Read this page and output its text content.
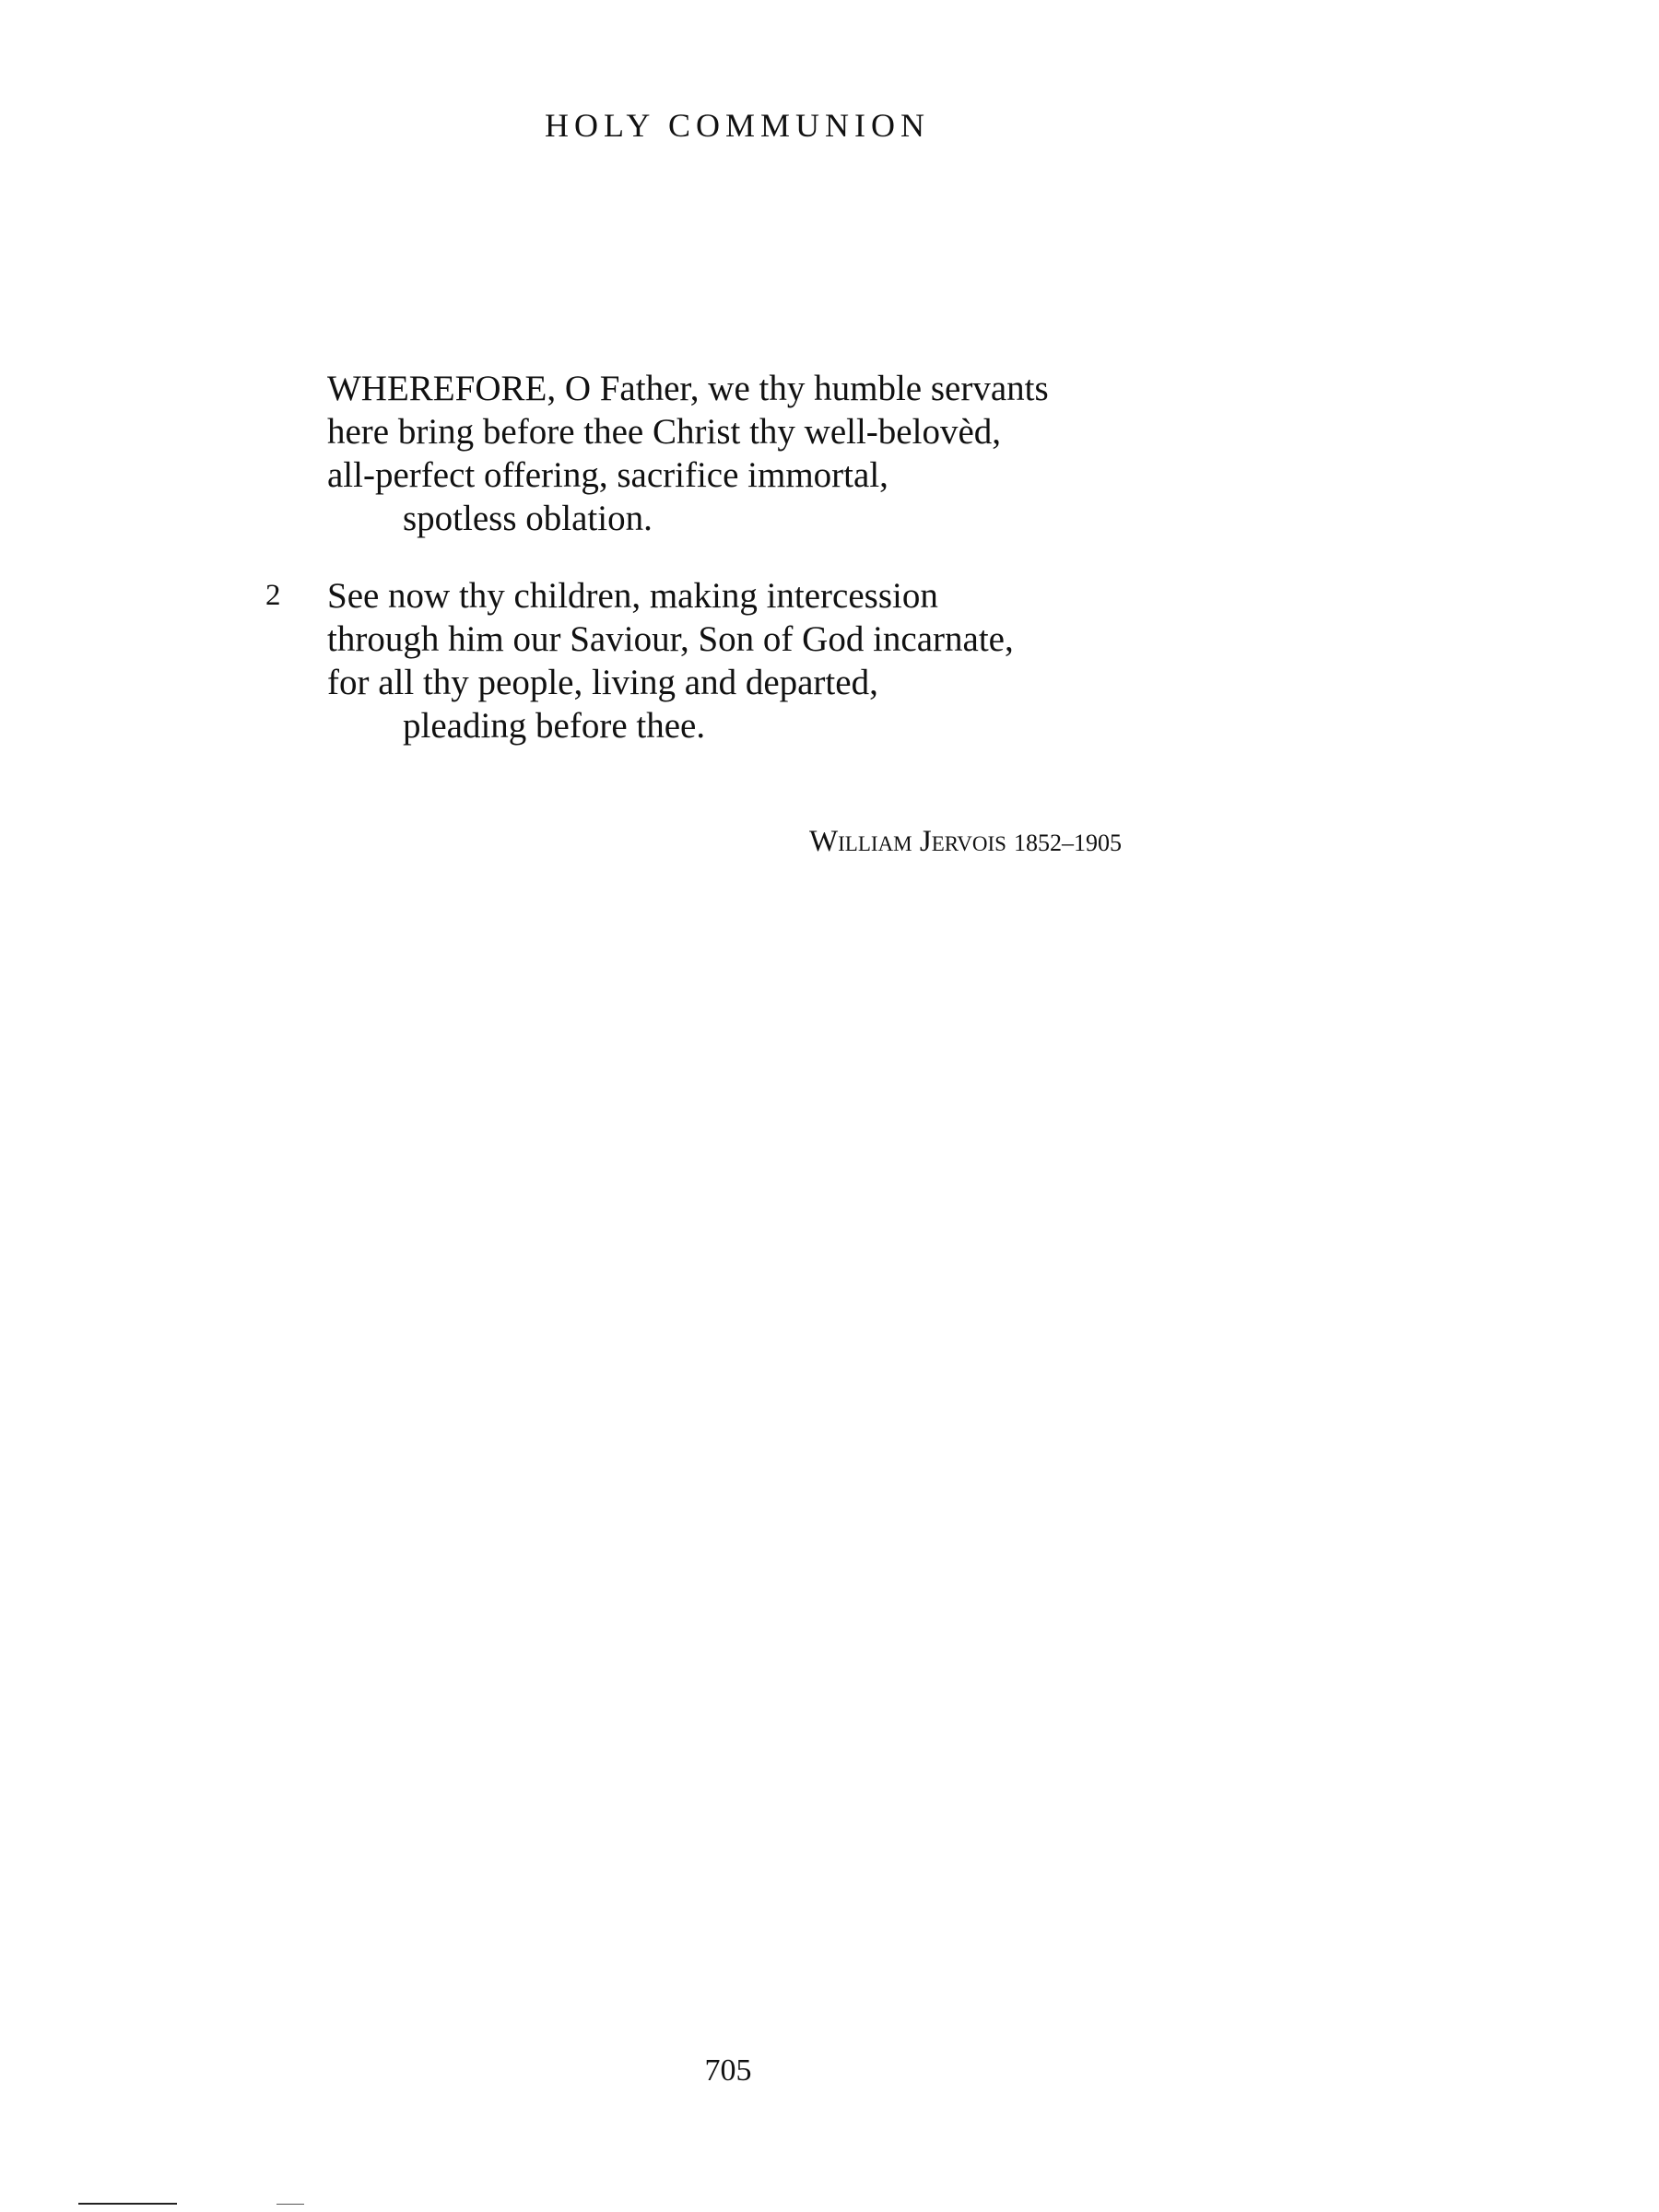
HOLY COMMUNION
WHEREFORE, O Father, we thy humble servants
here bring before thee Christ thy well-belovèd,
all-perfect offering, sacrifice immortal,
spotless oblation.
2 See now thy children, making intercession
through him our Saviour, Son of God incarnate,
for all thy people, living and departed,
pleading before thee.
William Jervois 1852–1905
705
